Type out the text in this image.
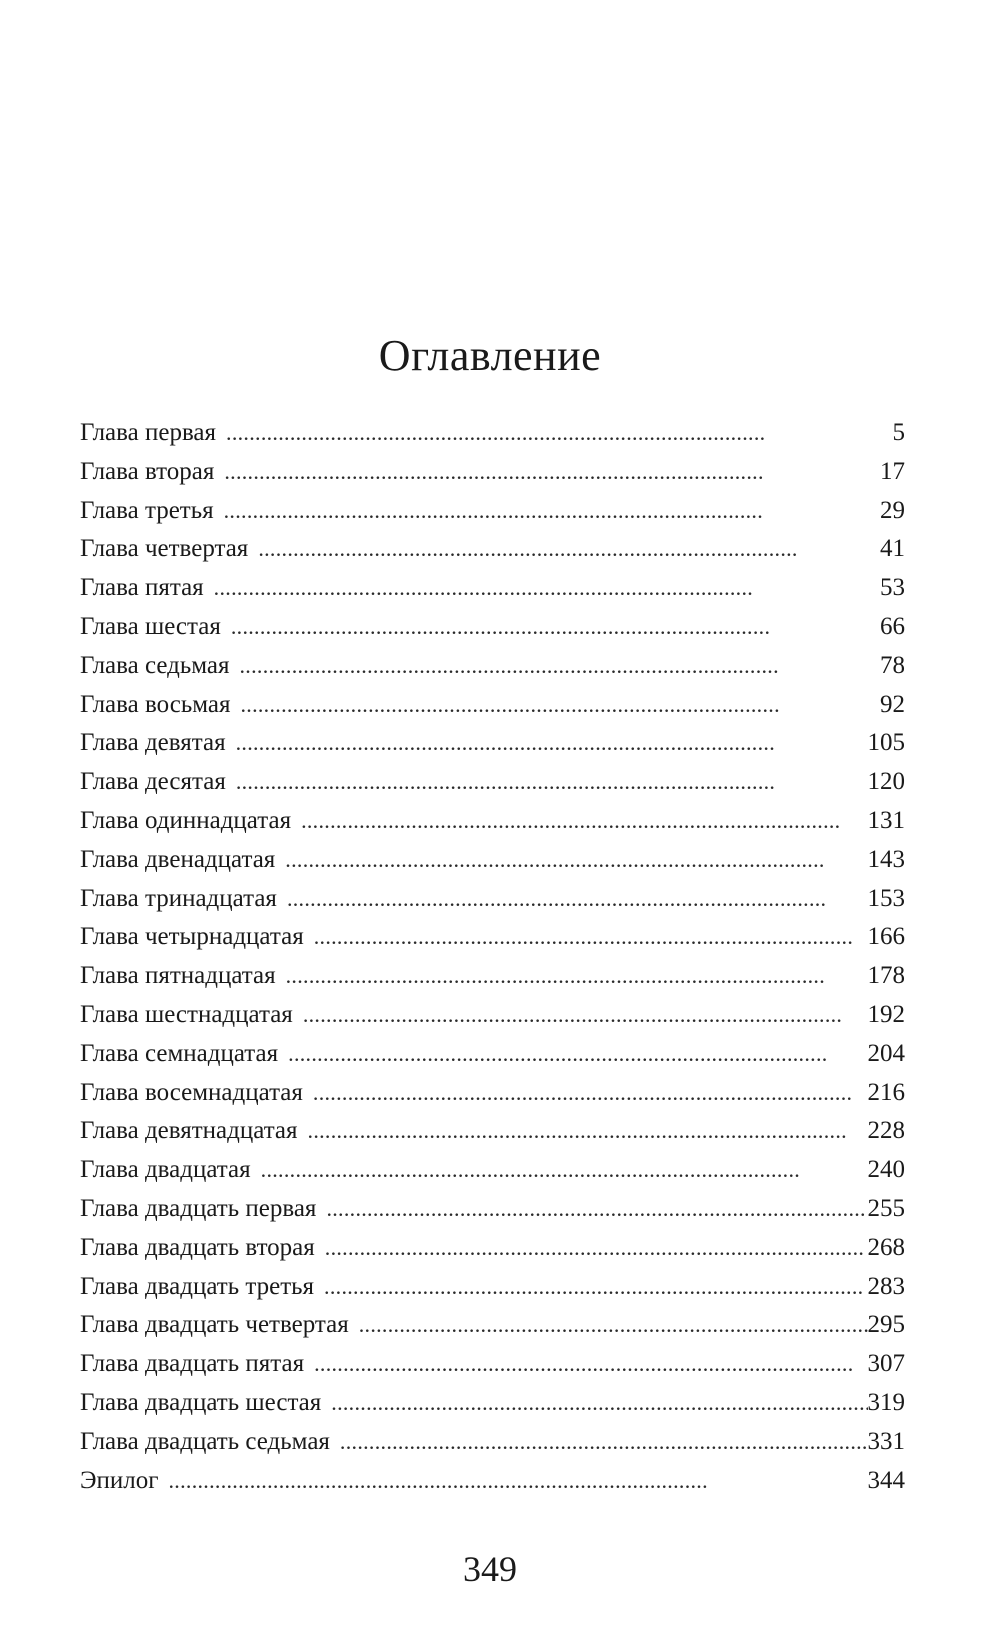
Оглавление
Глава первая . . .	5
Глава вторая . . .	17
Глава третья . . .	29
Глава четвертая . . .	41
Глава пятая . . .	53
Глава шестая . . .	66
Глава седьмая . . .	78
Глава восьмая . . .	92
Глава девятая . . .	105
Глава десятая . . .	120
Глава одиннадцатая . . .	131
Глава двенадцатая . . .	143
Глава тринадцатая . . .	153
Глава четырнадцатая . . .	166
Глава пятнадцатая . . .	178
Глава шестнадцатая . . .	192
Глава семнадцатая . . .	204
Глава восемнадцатая . . .	216
Глава девятнадцатая . . .	228
Глава двадцатая . . .	240
Глава двадцать первая . . .	255
Глава двадцать вторая . . .	268
Глава двадцать третья . . .	283
Глава двадцать четвертая . . .	295
Глава двадцать пятая . . .	307
Глава двадцать шестая . . .	319
Глава двадцать седьмая . . .	331
Эпилог . . .	344
349
